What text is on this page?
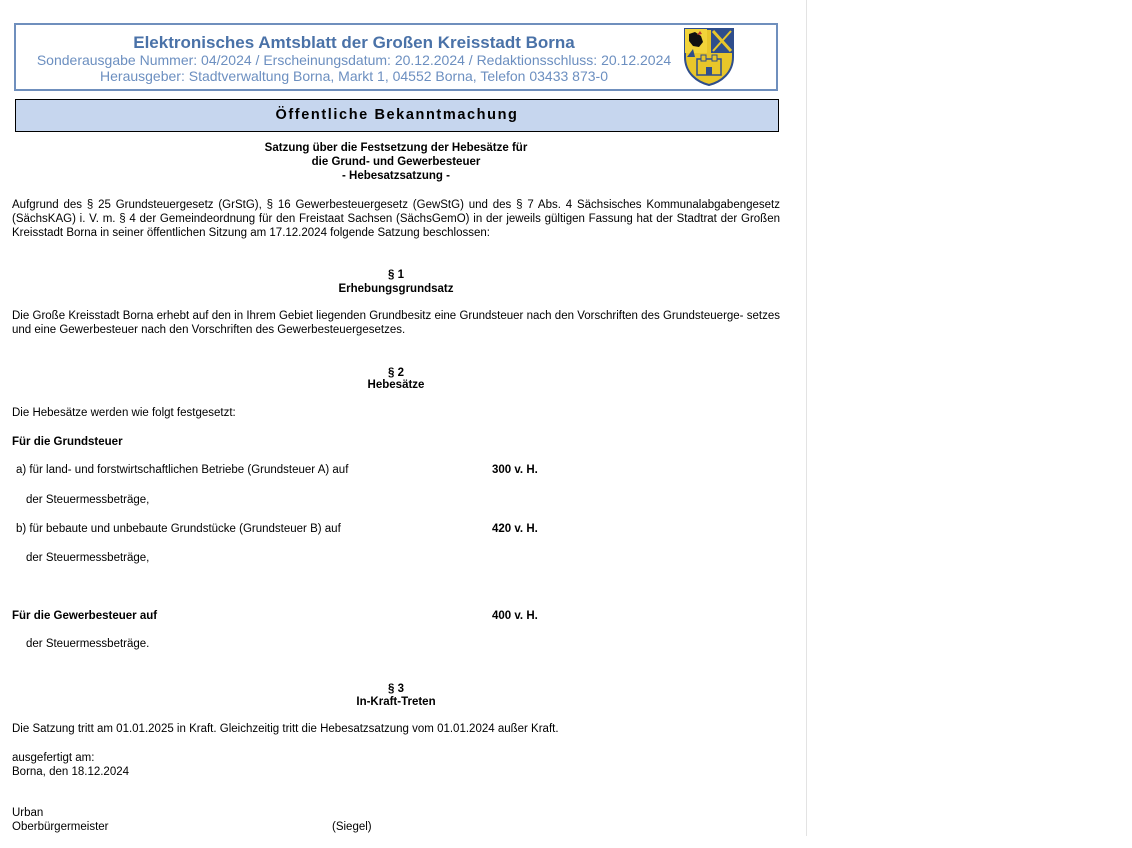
Elektronisches Amtsblatt der Großen Kreisstadt Borna
Sonderausgabe Nummer: 04/2024 / Erscheinungsdatum: 20.12.2024 / Redaktionsschluss: 20.12.2024
Herausgeber: Stadtverwaltung Borna, Markt 1, 04552 Borna, Telefon 03433 873-0
Öffentliche Bekanntmachung
Satzung über die Festsetzung der Hebesätze für
die Grund- und Gewerbesteuer
- Hebesatzsatzung -
Aufgrund des § 25 Grundsteuergesetz (GrStG), § 16 Gewerbesteuergesetz (GewStG) und des § 7 Abs. 4 Sächsisches Kommunalabgabengesetz (SächsKAG) i. V. m. § 4 der Gemeindeordnung für den Freistaat Sachsen (SächsGemO) in der jeweils gültigen Fassung hat der Stadtrat der Großen Kreisstadt Borna in seiner öffentlichen Sitzung am 17.12.2024 folgende Satzung beschlossen:
§ 1
Erhebungsgrundsatz
Die Große Kreisstadt Borna erhebt auf den in Ihrem Gebiet liegenden Grundbesitz eine Grundsteuer nach den Vorschriften des Grundsteuerge- setzes und eine Gewerbesteuer nach den Vorschriften des Gewerbesteuergesetzes.
§ 2
Hebesätze
Die Hebesätze werden wie folgt festgesetzt:
Für die Grundsteuer
a) für land- und forstwirtschaftlichen Betriebe (Grundsteuer A) auf	300 v. H.
der Steuermessbeträge,
b) für bebaute und unbebaute Grundstücke (Grundsteuer B) auf	420 v. H.
der Steuermessbeträge,
Für die Gewerbesteuer auf	400 v. H.
der Steuermessbeträge.
§ 3
In-Kraft-Treten
Die Satzung tritt am 01.01.2025 in Kraft. Gleichzeitig tritt die Hebesatzsatzung vom 01.01.2024 außer Kraft.
ausgefertigt am:
Borna, den 18.12.2024
Urban
Oberbürgermeister	(Siegel)
